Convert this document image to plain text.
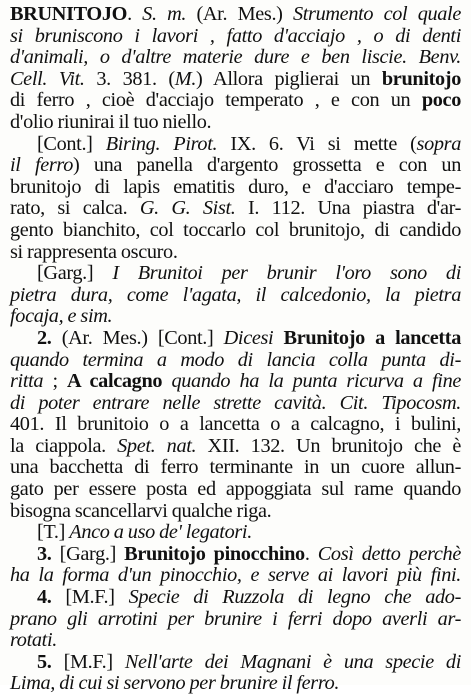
BRUNITOJO. S. m. (Ar. Mes.) Strumento col quale
si bruniscono i lavori , fatto d'acciajo , o di denti
d'animali, o d'altre materie dure e ben liscie. Benv.
Cell. Vit. 3. 381. (M.) Allora piglierai un brunitojo
di ferro , cioè d'acciajo temperato , e con un poco
d'olio riunirai il tuo niello.
[Cont.] Biring. Pirot. IX. 6. Vi si mette (sopra
il ferro) una panella d'argento grossetta e con un
brunitojo di lapis ematitis duro, e d'acciaro tempe-
rato, si calca. G. G. Sist. I. 112. Una piastra d'ar-
gento bianchito, col toccarlo col brunitojo, di candido
si rappresenta oscuro.
[Garg.] I Brunitoi per brunir l'oro sono di
pietra dura, come l'agata, il calcedonio, la pietra
focaja, e sim.
2. (Ar. Mes.) [Cont.] Dicesi Brunitojo a lancetta
quando termina a modo di lancia colla punta di-
ritta ; A calcagno quando ha la punta ricurva a fine
di poter entrare nelle strette cavità. Cit. Tipocosm.
401. Il brunitoio o a lancetta o a calcagno, i bulini,
la ciappola. Spet. nat. XII. 132. Un brunitojo che è
una bacchetta di ferro terminante in un cuore allun-
gato per essere posta ed appoggiata sul rame quando
bisogna scancellarvi qualche riga.
[T.] Anco a uso de' legatori.
3. [Garg.] Brunitojo pinocchino. Così detto perchè
ha la forma d'un pinocchio, e serve ai lavori più fini.
4. [M.F.] Specie di Ruzzola di legno che ado-
prano gli arrotini per brunire i ferri dopo averli ar-
rotati.
5. [M.F.] Nell'arte dei Magnani è una specie di
Lima, di cui si servono per brunire il ferro.
